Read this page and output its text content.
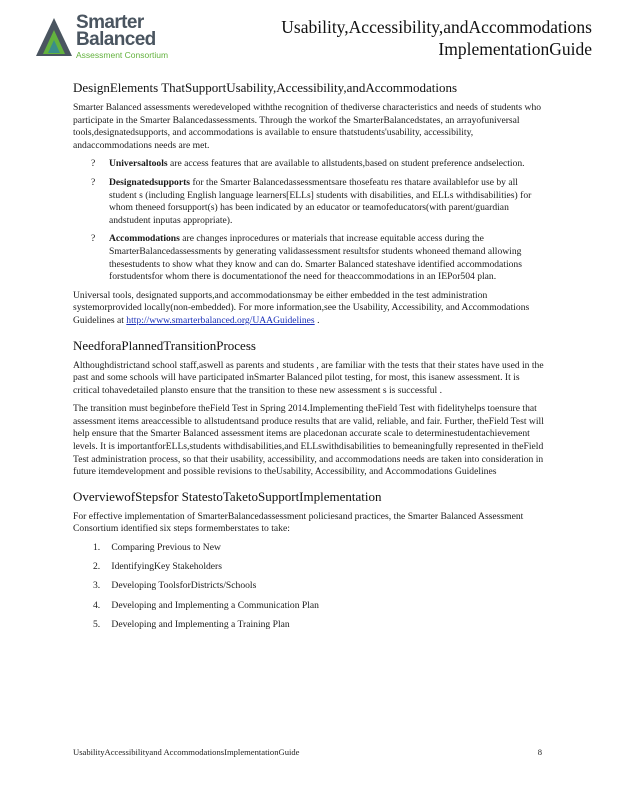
Smarter
Balanced
Assessment Consortium
Usability,Accessibility,andAccommodations
ImplementationGuide
DesignElements ThatSupportUsability,Accessibility,andAccommodations

Smarter Balanced assessments weredeveloped withthe recognition of thediverse characteristics and needs of students who participate in the Smarter Balancedassessments. Through the workof the SmarterBalancedstates, an arrayofuniversal tools,designatedsupports, and accommodations is available to ensure thatstudents'usability, accessibility, andaccommodations needs are met.

? Universaltools are access features that are available to allstudents,based on student preference andselection.
? Designatedsupports for the Smarter Balancedassessmentsare thosefeatu res thatare availablefor use by all student s (including English language learners[ELLs] students with disabilities, and ELLs withdisabilities) for whom theneed forsupport(s) has been indicated by an educator or teamofeducators(with parent/guardian andstudent inputas appropriate).
? Accommodations are changes inprocedures or materials that increase equitable access during the SmarterBalancedassessments by generating validassessment resultsfor students whoneed themand allowing thesestudents to show what they know and can do. Smarter Balanced stateshave identified accommodations forstudentsfor whom there is documentationof the need for theaccommodations in an IEPor504 plan.

Universal tools, designated supports,and accommodationsmay be either embedded in the test administration systemorprovided locally(non-embedded). For more information,see the Usability, Accessibility, and Accommodations Guidelines at http://www.smarterbalanced.org/UAAGuidelines .

NeedforaPlannedTransitionProcess

Althoughdistrictand school staff,aswell as parents and students , are familiar with the tests that their states have used in the past and some schools will have participated inSmarter Balanced pilot testing, for most, this isanew assessment. It is critical tohavedetailed plansto ensure that the transition to these new assessment s is successful .

The transition must beginbefore theField Test in Spring 2014.Implementing theField Test with fidelityhelps toensure that assessment items areaccessible to allstudentsand produce results that are valid, reliable, and fair. Further, theField Test will help ensure that the Smarter Balanced assessment items are placedonan accurate scale to determinestudentachievement levels. It is importantforELLs,students withdisabilities,and ELLswithdisabilities to bemeaningfully represented in theField Test administration process, so that their usability, accessibility, and accommodations needs are taken into consideration in future itemdevelopment and possible revisions to theUsability, Accessibility, and Accommodations Guidelines

OverviewofStepsfor StatestoTaketoSupportImplementation

For effective implementation of SmarterBalancedassessment policiesand practices, the Smarter Balanced Assessment Consortium identified six steps formemberstates to take:

1. Comparing Previous to New
2. IdentifyingKey Stakeholders
3. Developing ToolsforDistricts/Schools
4. Developing and Implementing a Communication Plan
5. Developing and Implementing a Training Plan
UsabilityAccessibilityand AccommodationsImplementationGuide	8
